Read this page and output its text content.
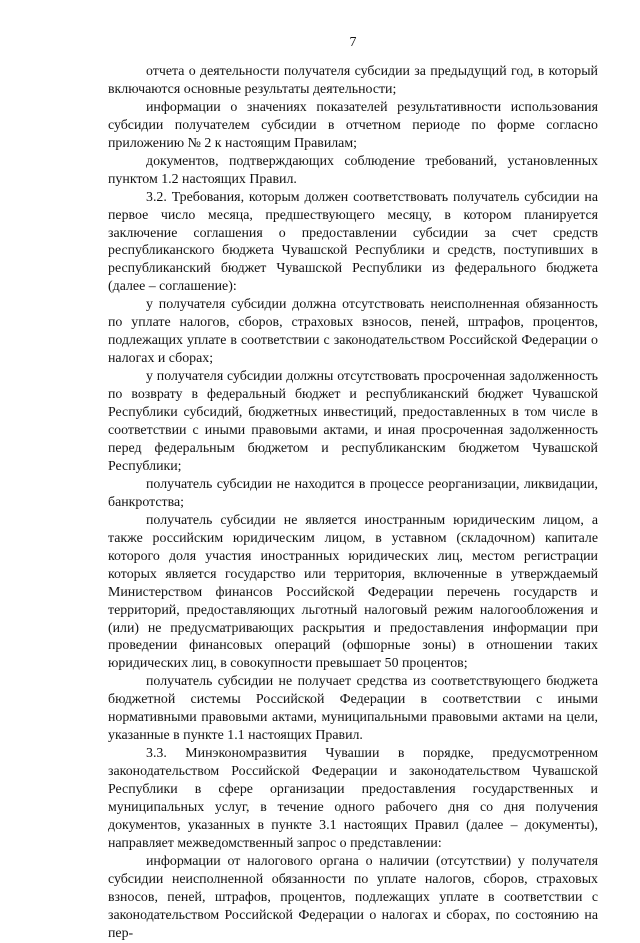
7

отчета о деятельности получателя субсидии за предыдущий год, в который включаются основные результаты деятельности;

информации о значениях показателей результативности использования субсидии получателем субсидии в отчетном периоде по форме согласно приложению № 2 к настоящим Правилам;

документов, подтверждающих соблюдение требований, установленных пунктом 1.2 настоящих Правил.

3.2. Требования, которым должен соответствовать получатель субсидии на первое число месяца, предшествующего месяцу, в котором планируется заключение соглашения о предоставлении субсидии за счет средств республиканского бюджета Чувашской Республики и средств, поступивших в республиканский бюджет Чувашской Республики из федерального бюджета (далее – соглашение):

у получателя субсидии должна отсутствовать неисполненная обязанность по уплате налогов, сборов, страховых взносов, пеней, штрафов, процентов, подлежащих уплате в соответствии с законодательством Российской Федерации о налогах и сборах;

у получателя субсидии должны отсутствовать просроченная задолженность по возврату в федеральный бюджет и республиканский бюджет Чувашской Республики субсидий, бюджетных инвестиций, предоставленных в том числе в соответствии с иными правовыми актами, и иная просроченная задолженность перед федеральным бюджетом и республиканским бюджетом Чувашской Республики;

получатель субсидии не находится в процессе реорганизации, ликвидации, банкротства;

получатель субсидии не является иностранным юридическим лицом, а также российским юридическим лицом, в уставном (складочном) капитале которого доля участия иностранных юридических лиц, местом регистрации которых является государство или территория, включенные в утверждаемый Министерством финансов Российской Федерации перечень государств и территорий, предоставляющих льготный налоговый режим налогообложения и (или) не предусматривающих раскрытия и предоставления информации при проведении финансовых операций (офшорные зоны) в отношении таких юридических лиц, в совокупности превышает 50 процентов;

получатель субсидии не получает средства из соответствующего бюджета бюджетной системы Российской Федерации в соответствии с иными нормативными правовыми актами, муниципальными правовыми актами на цели, указанные в пункте 1.1 настоящих Правил.

3.3. Минэкономразвития Чувашии в порядке, предусмотренном законодательством Российской Федерации и законодательством Чувашской Республики в сфере организации предоставления государственных и муниципальных услуг, в течение одного рабочего дня со дня получения документов, указанных в пункте 3.1 настоящих Правил (далее – документы), направляет межведомственный запрос о представлении:

информации от налогового органа о наличии (отсутствии) у получателя субсидии неисполненной обязанности по уплате налогов, сборов, страховых взносов, пеней, штрафов, процентов, подлежащих уплате в соответствии с законодательством Российской Федерации о налогах и сборах, по состоянию на пер-
